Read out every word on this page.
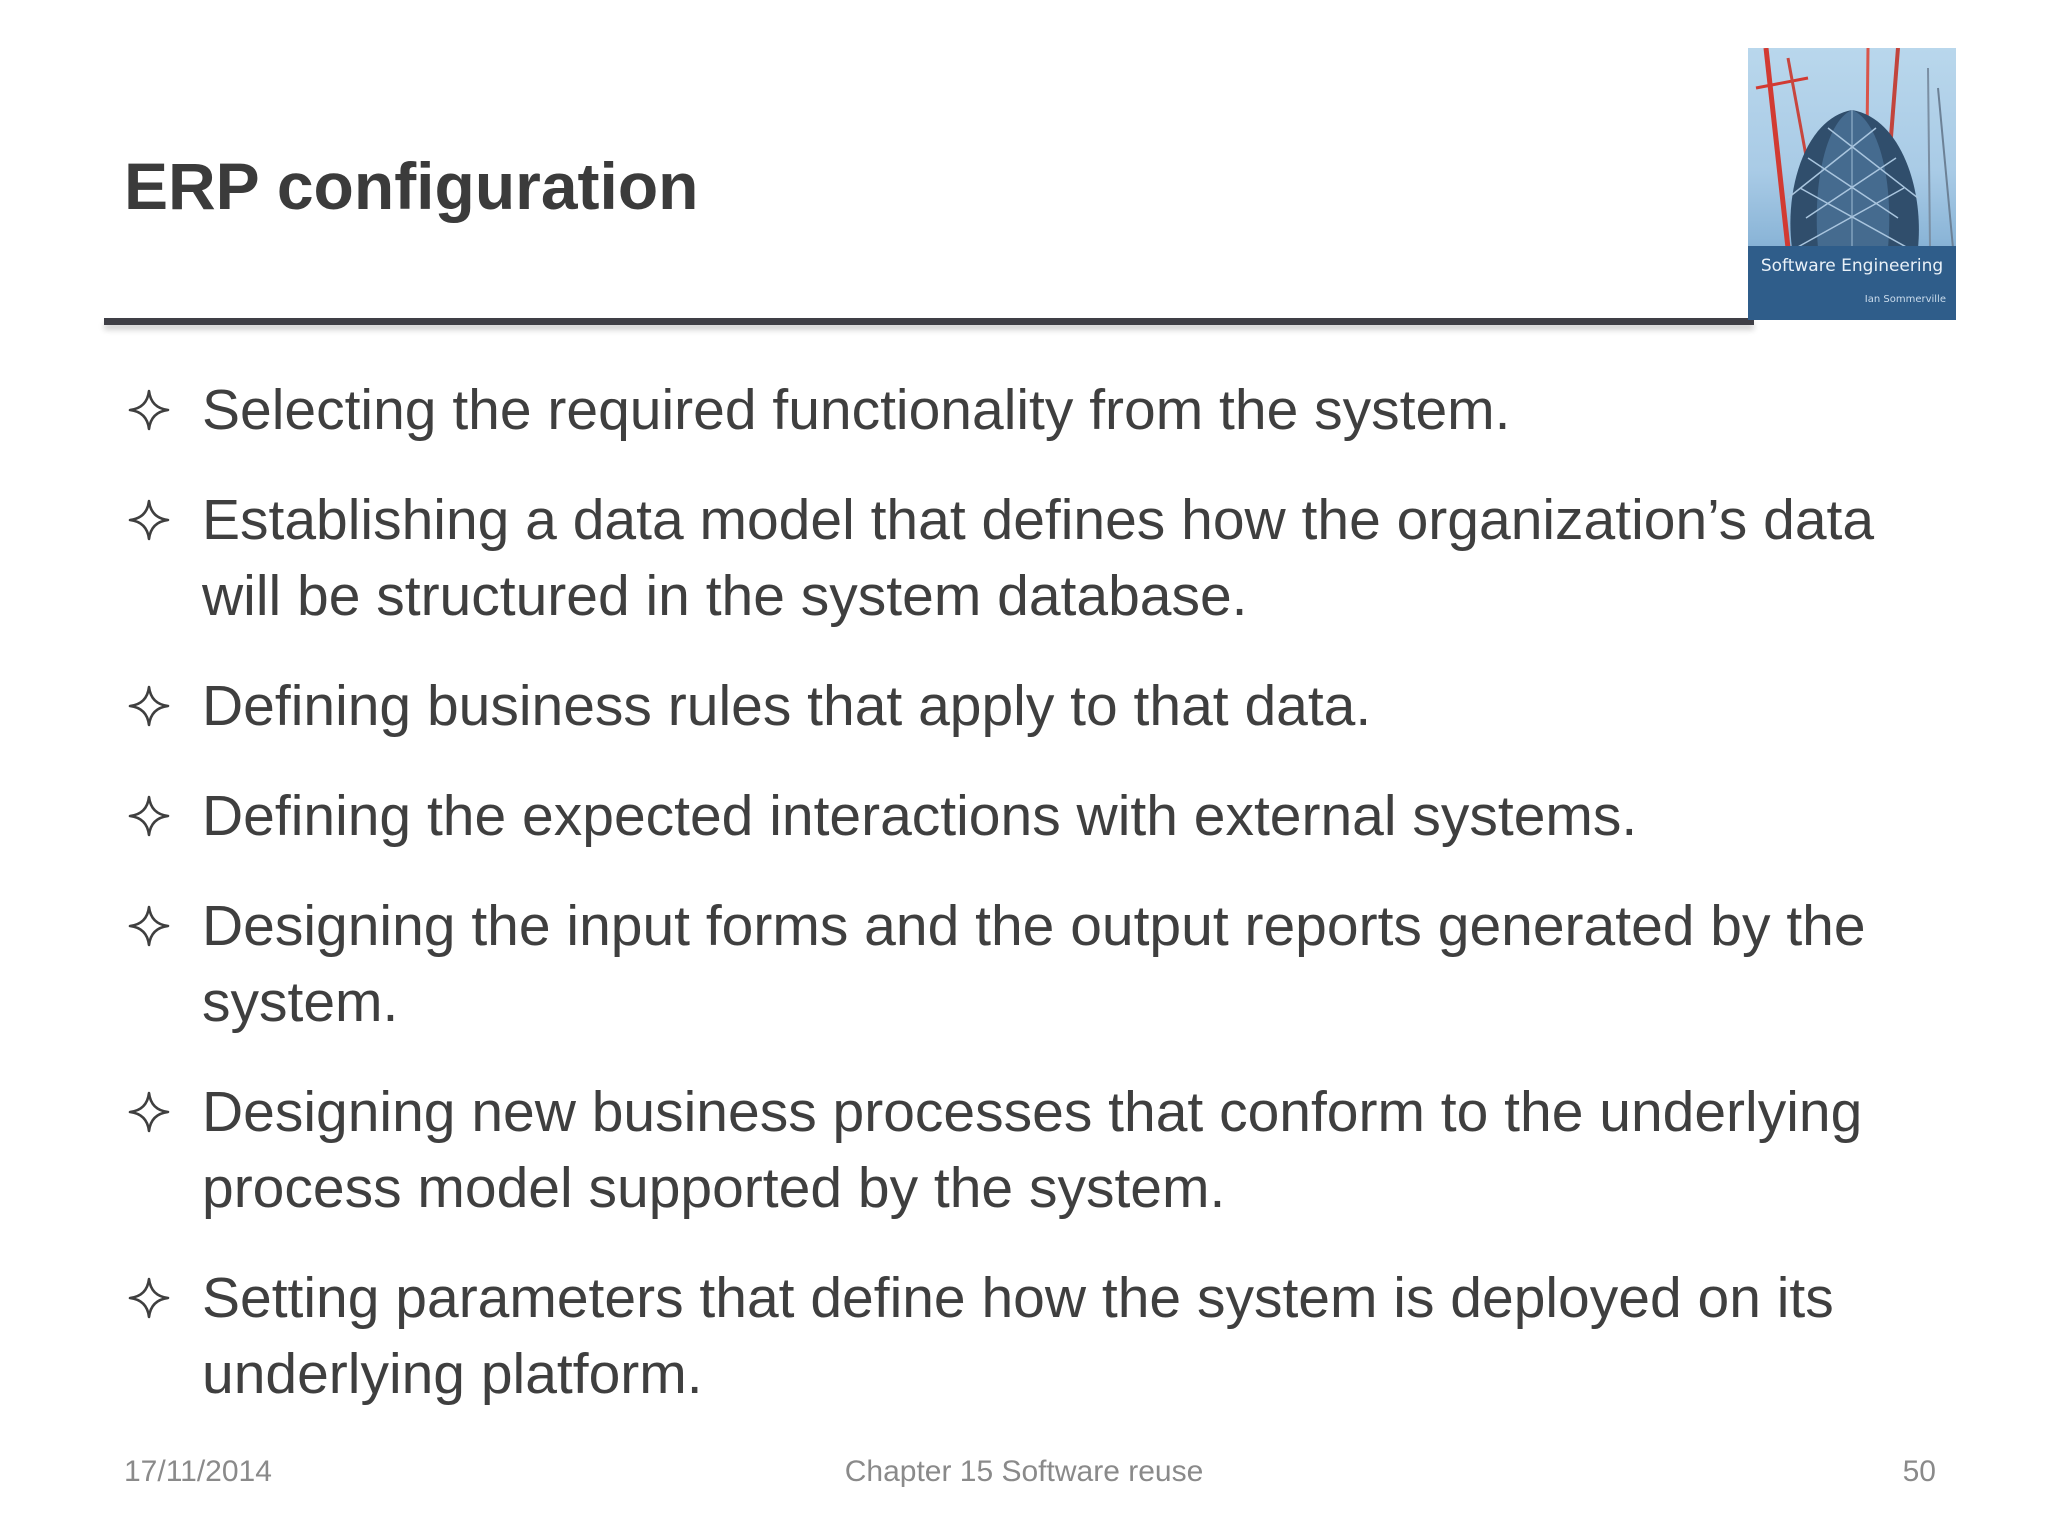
ERP configuration
Software Engineering
Ian Sommerville
Selecting the required functionality from the system.
Establishing a data model that defines how the organization’s data will be structured in the system database.
Defining business rules that apply to that data.
Defining the expected interactions with external systems.
Designing the input forms and the output reports generated by the system.
Designing new business processes that conform to the underlying process model supported by the system.
Setting parameters that define how the system is deployed on its underlying platform.
17/11/2014	Chapter 15 Software reuse	50
